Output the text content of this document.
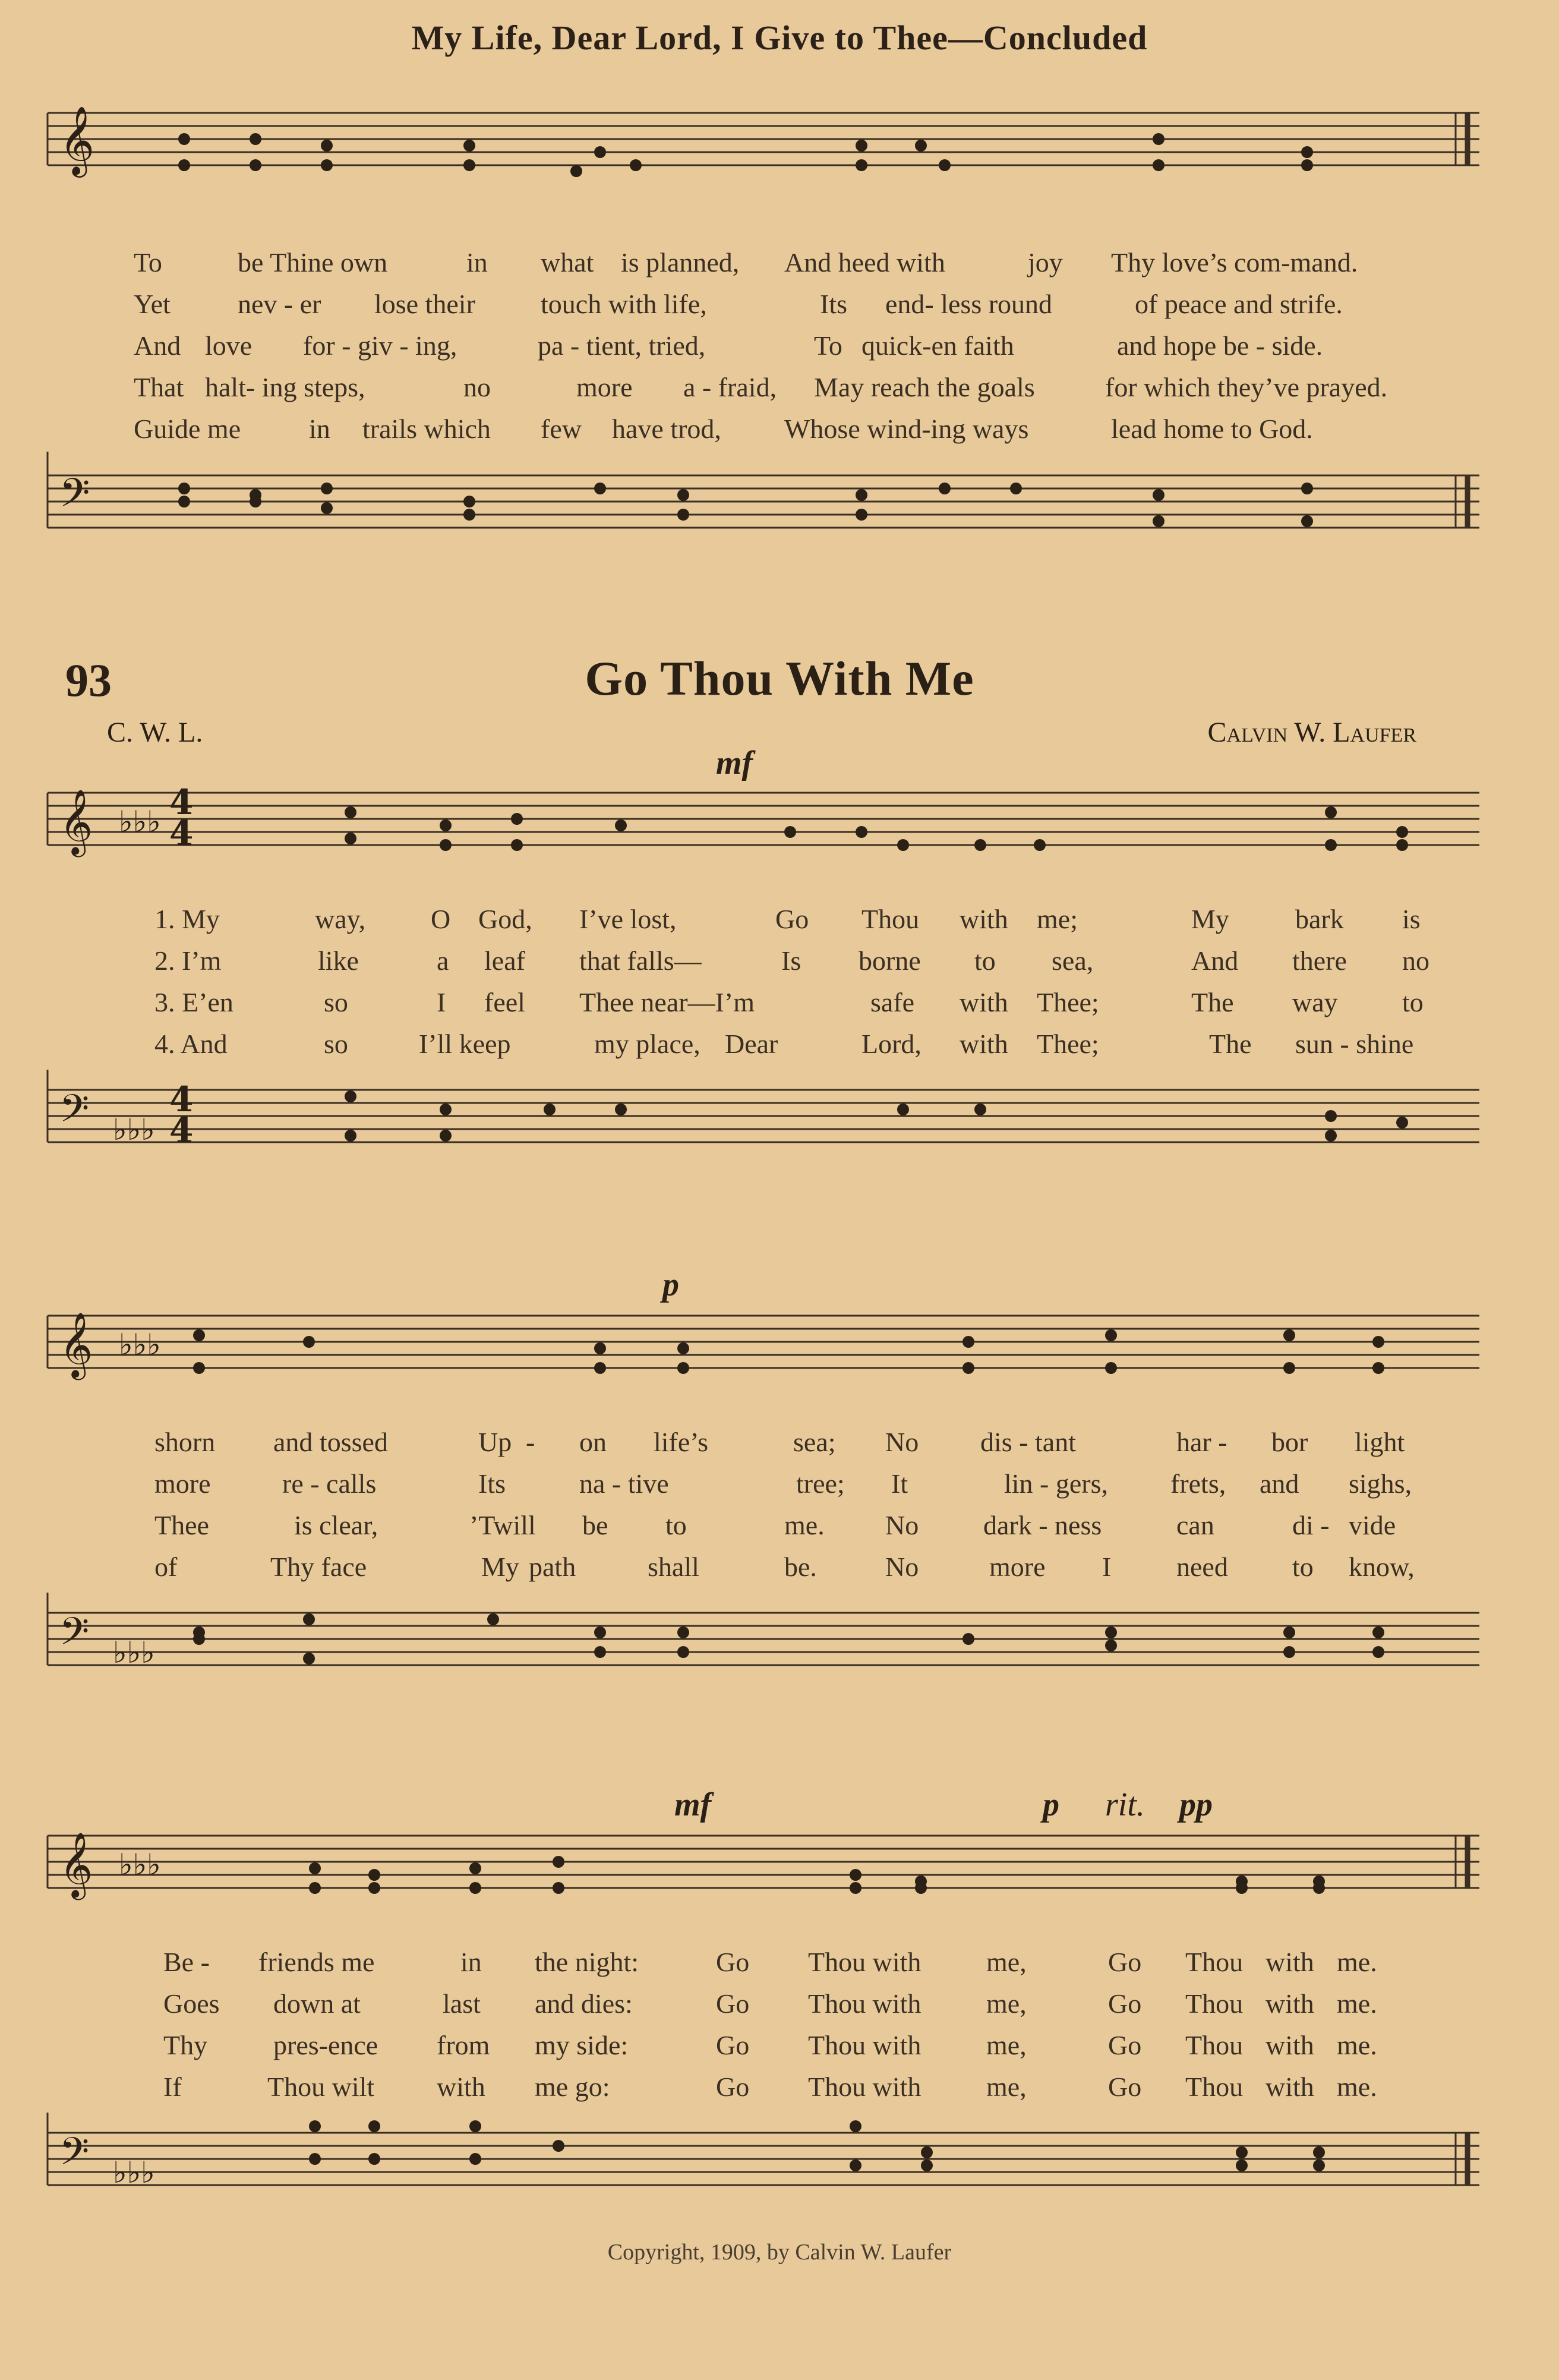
My Life, Dear Lord, I Give to Thee—Concluded
𝄞
To	be Thine own	in what is planned, And heed with	joy Thy love’s com-mand.
Yet nev - er lose their touch with life,	Its end- less round	of peace and strife.
And love for - giv - ing,	pa - tient, tried,	To quick-en faith	and hope be - side.
That halt- ing steps,	no	more a - fraid, May reach the goals	for which they’ve prayed.
Guide me in trails which few have trod, Whose wind-ing ways	lead home to God.
𝄢
93	Go Thou With Me
C. W. L.	Calvin W. Laufer
mf
𝄞 ♭♭♭ 4
4
1. My	way, O God, I’ve lost,	Go Thou with me;	My bark is
2. I’m	like	a leaf that falls—	Is borne to sea,	And there no
3. E’en	so	I feel Thee near—I’m	safe with Thee;	The way to
4. And	so	I’ll keep	my place, Dear	Lord, with Thee;	The sun - shine
𝄢 ♭♭♭
4
4
p
𝄞 ♭♭♭
shorn and tossed	Up - on life’s	sea; No dis - tant	har - bor light
more	re - calls	Its	na - tive	tree; It	lin - gers, frets, and sighs,
Thee	is clear,	’Twill be to	me. No dark - ness	can	di - vide
of	Thy face	My path	shall	be.	No	more I need to know,
𝄢 ♭♭♭
mf	p rit. pp
𝄞 ♭♭♭
Be - friends me	in the night:	Go Thou with me,	Go Thou with me.
Goes down at	last and dies:	Go Thou with me,	Go Thou with me.
Thy pres-ence from my side:	Go Thou with me,	Go Thou with me.
If	Thou wilt with me go:	Go Thou with me,	Go Thou with me.
𝄢 ♭♭♭
Copyright, 1909, by Calvin W. Laufer
